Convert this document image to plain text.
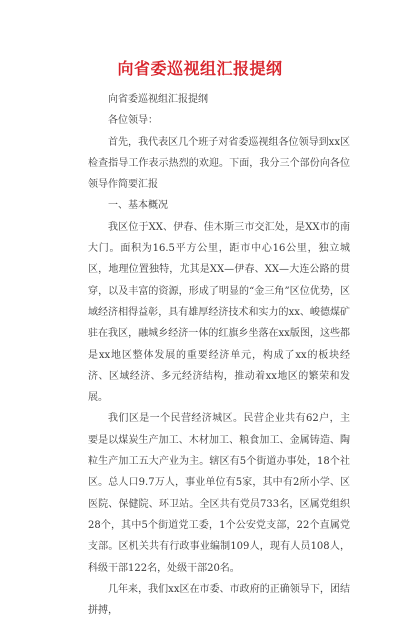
向省委巡视组汇报提纲

向省委巡视组汇报提纲

各位领导：

首先，我代表区几个班子对省委巡视组各位领导到xx区检查指导工作表示热烈的欢迎。下面，我分三个部份向各位领导作简要汇报

一、基本概况

我区位于XX、伊春、佳木斯三市交汇处，是XX市的南大门。面积为16.5平方公里，距市中心16公里，独立城区，地理位置独特，尤其是XX—伊春、XX—大连公路的贯穿，以及丰富的资源，形成了明显的“金三角”区位优势，区域经济相得益彰，具有雄厚经济技术和实力的xx、峻德煤矿驻在我区，融城乡经济一体的红旗乡坐落在xx版图，这些都是xx地区整体发展的重要经济单元，构成了xx的板块经济、区域经济、多元经济结构，推动着xx地区的繁荣和发展。

我们区是一个民营经济城区。民营企业共有62户，主要是以煤炭生产加工、木材加工、粮食加工、金属铸造、陶粒生产加工五大产业为主。辖区有5个街道办事处，18个社区。总人口9.7万人，事业单位有5家，其中有2所小学、区医院、保健院、环卫站。全区共有党员733名，区属党组织28个，其中5个街道党工委，1个公安党支部，22个直属党支部。区机关共有行政事业编制109人，现有人员108人，科级干部122名，处级干部20名。

几年来，我们xx区在市委、市政府的正确领导下，团结拼搏，
